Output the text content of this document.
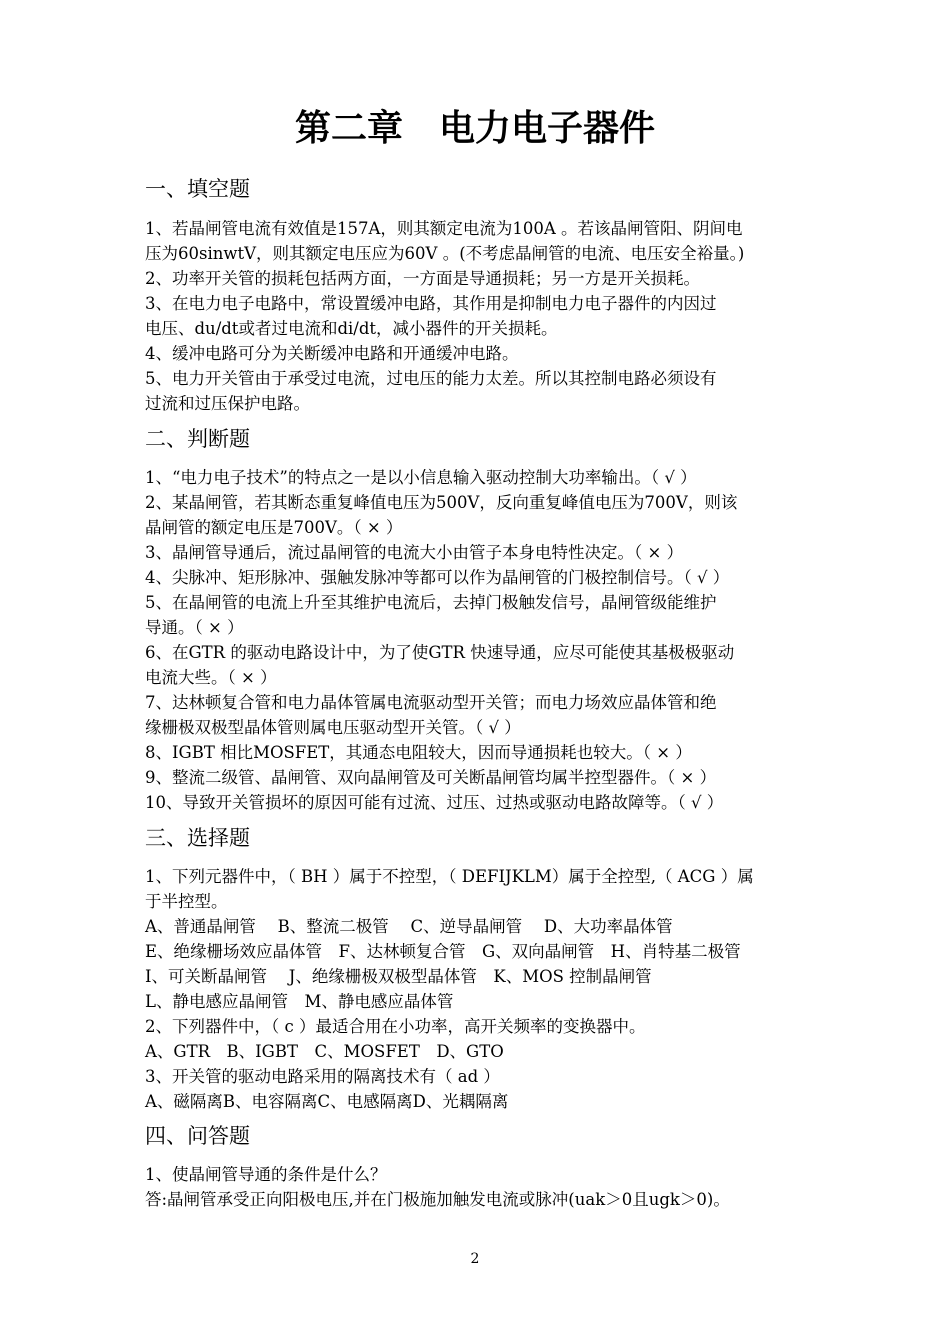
第二章　电力电子器件
一、填空题
1、若晶闸管电流有效值是157A，则其额定电流为100A 。若该晶闸管阳、阴间电
压为60sinwtV，则其额定电压应为60V 。(不考虑晶闸管的电流、电压安全裕量。)
2、功率开关管的损耗包括两方面，一方面是导通损耗；另一方是开关损耗。
3、在电力电子电路中，常设置缓冲电路，其作用是抑制电力电子器件的内因过
电压、du/dt或者过电流和di/dt，减小器件的开关损耗。
4、缓冲电路可分为关断缓冲电路和开通缓冲电路。
5、电力开关管由于承受过电流，过电压的能力太差。所以其控制电路必须设有
过流和过压保护电路。
二、判断题
1、“电力电子技术”的特点之一是以小信息输入驱动控制大功率输出。（ √ ）
2、某晶闸管，若其断态重复峰值电压为500V，反向重复峰值电压为700V，则该
晶闸管的额定电压是700V。（ × ）
3、晶闸管导通后，流过晶闸管的电流大小由管子本身电特性决定。（ × ）
4、尖脉冲、矩形脉冲、强触发脉冲等都可以作为晶闸管的门极控制信号。（ √ ）
5、在晶闸管的电流上升至其维护电流后，去掉门极触发信号，晶闸管级能维护
导通。（ × ）
6、在GTR 的驱动电路设计中，为了使GTR 快速导通，应尽可能使其基极极驱动
电流大些。（ × ）
7、达林顿复合管和电力晶体管属电流驱动型开关管；而电力场效应晶体管和绝
缘栅极双极型晶体管则属电压驱动型开关管。（ √ ）
8、IGBT 相比MOSFET，其通态电阻较大，因而导通损耗也较大。（ × ）
9、整流二级管、晶闸管、双向晶闸管及可关断晶闸管均属半控型器件。（ × ）
10、导致开关管损坏的原因可能有过流、过压、过热或驱动电路故障等。（ √ ）
三、选择题
1、下列元器件中，（ BH ）属于不控型，（ DEFIJKLM）属于全控型,（ ACG ）属
于半控型。
A、普通晶闸管　 B、整流二极管　 C、逆导晶闸管　 D、大功率晶体管
E、绝缘栅场效应晶体管　F、达林顿复合管　G、双向晶闸管　H、肖特基二极管
I、可关断晶闸管　 J、绝缘栅极双极型晶体管　K、MOS 控制晶闸管
L、静电感应晶闸管　M、静电感应晶体管
2、下列器件中，（ c ）最适合用在小功率，高开关频率的变换器中。
A、GTR　B、IGBT　C、MOSFET　D、GTO
3、开关管的驱动电路采用的隔离技术有（ ad ）
A、磁隔离B、电容隔离C、电感隔离D、光耦隔离
四、问答题
1、使晶闸管导通的条件是什么？
答:晶闸管承受正向阳极电压,并在门极施加触发电流或脉冲(uak＞0且ugk＞0)。
2
